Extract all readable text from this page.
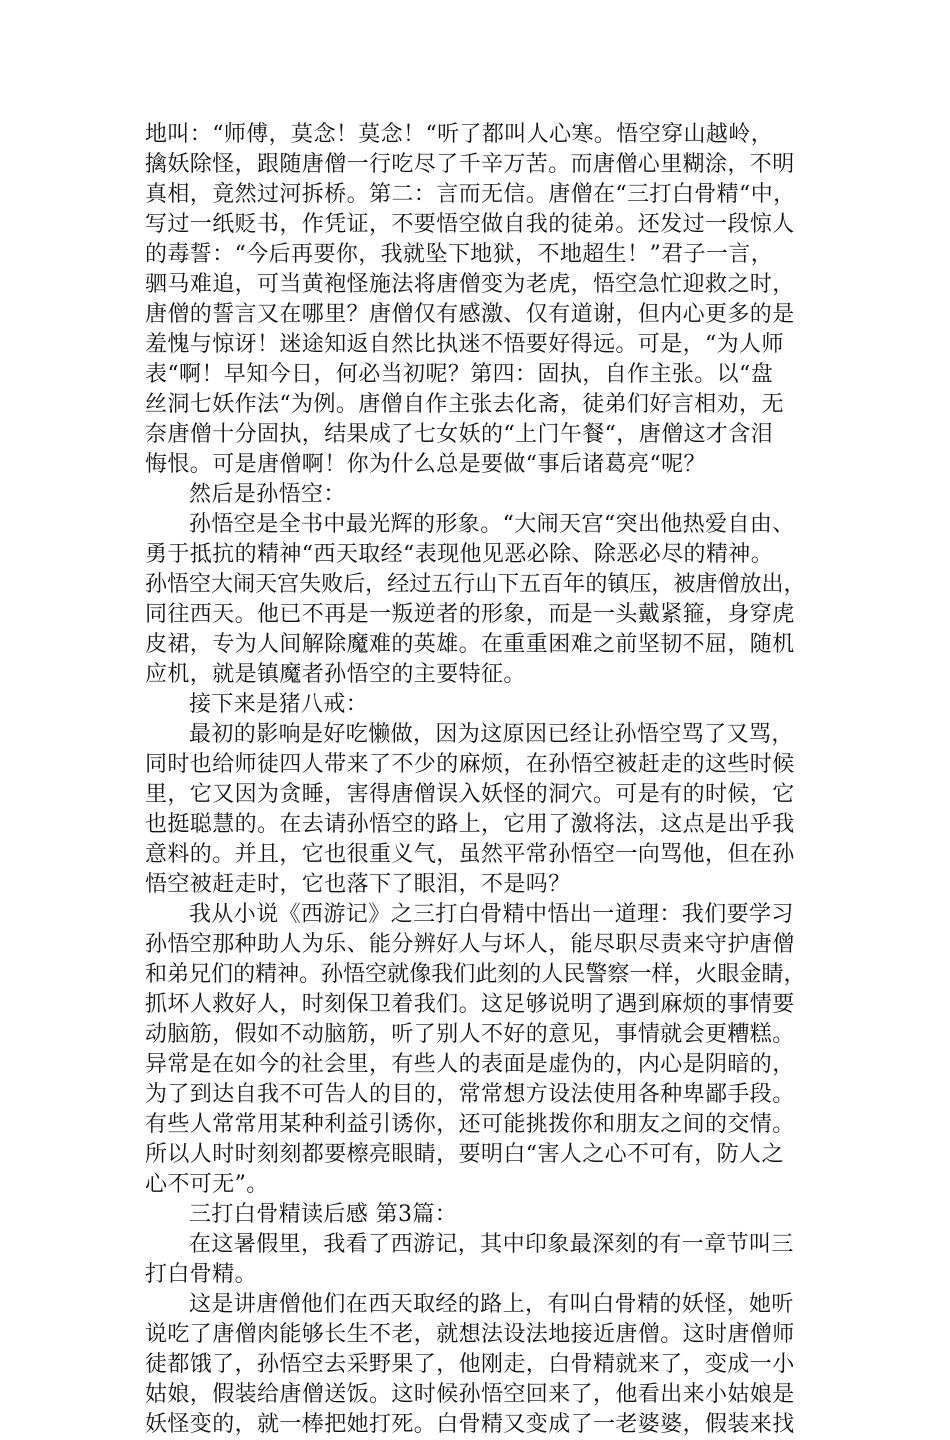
地叫：“师傅，莫念！莫念！“听了都叫人心寒。悟空穿山越岭，
擒妖除怪，跟随唐僧一行吃尽了千辛万苦。而唐僧心里糊涂，不明
真相，竟然过河拆桥。第二：言而无信。唐僧在“三打白骨精“中，
写过一纸贬书，作凭证，不要悟空做自我的徒弟。还发过一段惊人
的毒誓：“今后再要你，我就坠下地狱，不地超生！”君子一言，
驷马难追，可当黄袍怪施法将唐僧变为老虎，悟空急忙迎救之时，
唐僧的誓言又在哪里？唐僧仅有感激、仅有道谢，但内心更多的是
羞愧与惊讶！迷途知返自然比执迷不悟要好得远。可是，“为人师
表“啊！早知今日，何必当初呢？第四：固执，自作主张。以“盘
丝洞七妖作法“为例。唐僧自作主张去化斋，徒弟们好言相劝，无
奈唐僧十分固执，结果成了七女妖的“上门午餐“，唐僧这才含泪
悔恨。可是唐僧啊！你为什么总是要做“事后诸葛亮“呢？
然后是孙悟空：
孙悟空是全书中最光辉的形象。“大闹天宫“突出他热爱自由、
勇于抵抗的精神“西天取经“表现他见恶必除、除恶必尽的精神。
孙悟空大闹天宫失败后，经过五行山下五百年的镇压，被唐僧放出，
同往西天。他已不再是一叛逆者的形象，而是一头戴紧箍，身穿虎
皮裙，专为人间解除魔难的英雄。在重重困难之前坚韧不屈，随机
应机，就是镇魔者孙悟空的主要特征。
接下来是猪八戒：
最初的影响是好吃懒做，因为这原因已经让孙悟空骂了又骂，
同时也给师徒四人带来了不少的麻烦，在孙悟空被赶走的这些时候
里，它又因为贪睡，害得唐僧误入妖怪的洞穴。可是有的时候，它
也挺聪慧的。在去请孙悟空的路上，它用了激将法，这点是出乎我
意料的。并且，它也很重义气，虽然平常孙悟空一向骂他，但在孙
悟空被赶走时，它也落下了眼泪，不是吗？
我从小说《西游记》之三打白骨精中悟出一道理：我们要学习
孙悟空那种助人为乐、能分辨好人与坏人，能尽职尽责来守护唐僧
和弟兄们的精神。孙悟空就像我们此刻的人民警察一样，火眼金睛，
抓坏人救好人，时刻保卫着我们。这足够说明了遇到麻烦的事情要
动脑筋，假如不动脑筋，听了别人不好的意见，事情就会更糟糕。
异常是在如今的社会里，有些人的表面是虚伪的，内心是阴暗的，
为了到达自我不可告人的目的，常常想方设法使用各种卑鄙手段。
有些人常常用某种利益引诱你，还可能挑拨你和朋友之间的交情。
所以人时时刻刻都要檫亮眼睛，要明白“害人之心不可有，防人之
心不可无”。
三打白骨精读后感 第3篇：
在这暑假里，我看了西游记，其中印象最深刻的有一章节叫三
打白骨精。
这是讲唐僧他们在西天取经的路上，有叫白骨精的妖怪，她听
说吃了唐僧肉能够长生不老，就想法设法地接近唐僧。这时唐僧师
徒都饿了，孙悟空去采野果了，他刚走，白骨精就来了，变成一小
姑娘，假装给唐僧送饭。这时候孙悟空回来了，他看出来小姑娘是
妖怪变的，就一棒把她打死。白骨精又变成了一老婆婆，假装来找
